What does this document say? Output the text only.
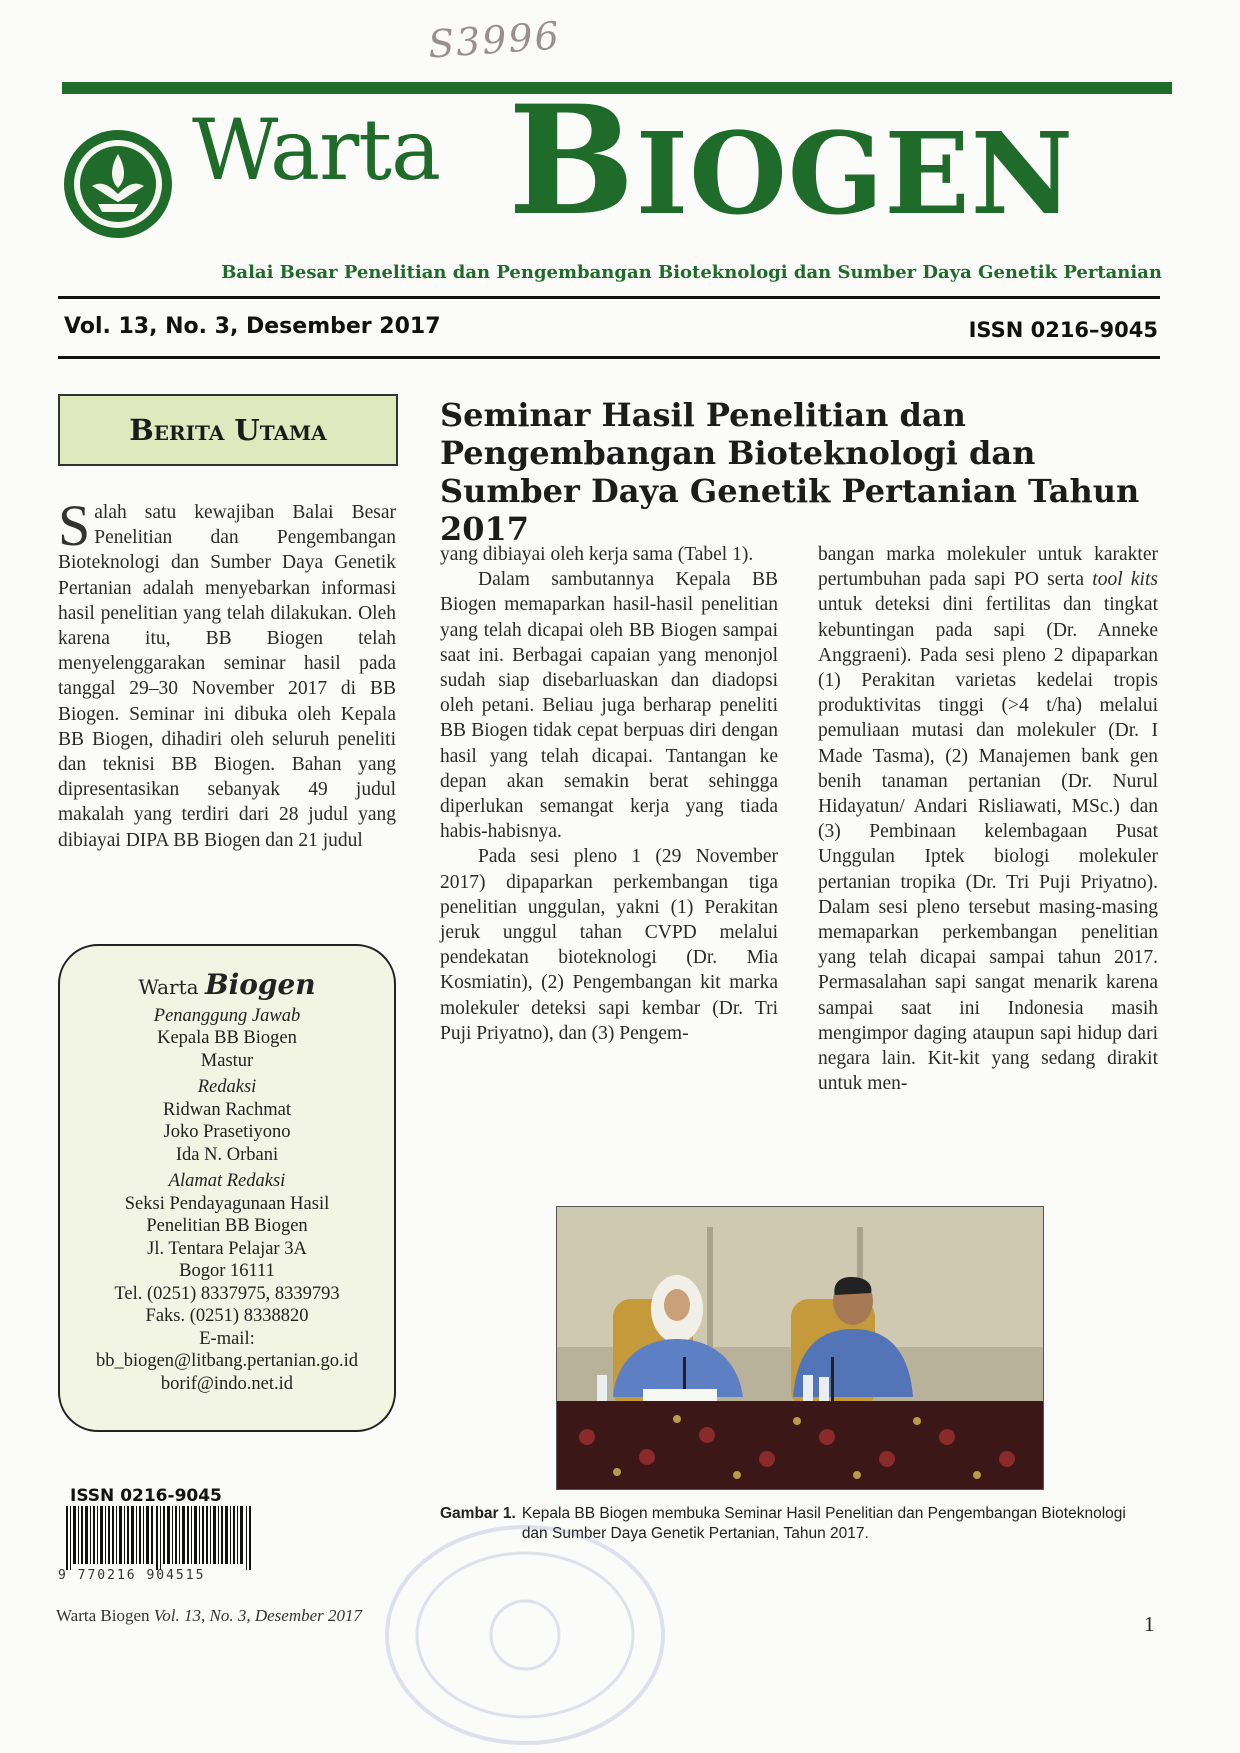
S3996
Warta BIOGEN
Balai Besar Penelitian dan Pengembangan Bioteknologi dan Sumber Daya Genetik Pertanian
Vol. 13, No. 3, Desember 2017	ISSN 0216–9045
Berita Utama	Seminar Hasil Penelitian dan Pengembangan Bioteknologi dan Sumber Daya Genetik Pertanian Tahun 2017
Salah satu kewajiban Balai Besar Penelitian dan Pengembangan Bioteknologi dan Sumber Daya Genetik Pertanian adalah menyebarkan informasi hasil penelitian yang telah dilakukan. Oleh karena itu, BB Biogen telah menyelenggarakan seminar hasil pada tanggal 29–30 November 2017 di BB Biogen. Seminar ini dibuka oleh Kepala BB Biogen, dihadiri oleh seluruh peneliti dan teknisi BB Biogen. Bahan yang dipresentasikan sebanyak 49 judul makalah yang terdiri dari 28 judul yang dibiayai DIPA BB Biogen dan 21 judul

yang dibiayai oleh kerja sama (Tabel 1).

Dalam sambutannya Kepala BB Biogen memaparkan hasil-hasil penelitian yang telah dicapai oleh BB Biogen sampai saat ini. Berbagai capaian yang menonjol sudah siap disebarluaskan dan diadopsi oleh petani. Beliau juga berharap peneliti BB Biogen tidak cepat berpuas diri dengan hasil yang telah dicapai. Tantangan ke depan akan semakin berat sehingga diperlukan semangat kerja yang tiada habis-habisnya.

Pada sesi pleno 1 (29 November 2017) dipaparkan perkembangan tiga penelitian unggulan, yakni (1) Perakitan jeruk unggul tahan CVPD melalui pendekatan bioteknologi (Dr. Mia Kosmiatin), (2) Pengembangan kit marka molekuler deteksi sapi kembar (Dr. Tri Puji Priyatno), dan (3) Pengem-

bangan marka molekuler untuk karakter pertumbuhan pada sapi PO serta tool kits untuk deteksi dini fertilitas dan tingkat kebuntingan pada sapi (Dr. Anneke Anggraeni). Pada sesi pleno 2 dipaparkan (1) Perakitan varietas kedelai tropis produktivitas tinggi (>4 t/ha) melalui pemuliaan mutasi dan molekuler (Dr. I Made Tasma), (2) Manajemen bank gen benih tanaman pertanian (Dr. Nurul Hidayatun/ Andari Risliawati, MSc.) dan (3) Pembinaan kelembagaan Pusat Unggulan Iptek biologi molekuler pertanian tropika (Dr. Tri Puji Priyatno). Dalam sesi pleno tersebut masing-masing memaparkan perkembangan penelitian yang telah dicapai sampai tahun 2017. Permasalahan sapi sangat menarik karena sampai saat ini Indonesia masih mengimpor daging ataupun sapi hidup dari negara lain. Kit-kit yang sedang dirakit untuk men-

Warta Biogen
Penanggung Jawab
Kepala BB Biogen
Mastur
Redaksi
Ridwan Rachmat
Joko Prasetiyono
Ida N. Orbani
Alamat Redaksi
Seksi Pendayagunaan Hasil
Penelitian BB Biogen
Jl. Tentara Pelajar 3A
Bogor 16111
Tel. (0251) 8337975, 8339793
Faks. (0251) 8338820
E-mail:
bb_biogen@litbang.pertanian.go.id
borif@indo.net.id
ISSN 0216-9045
9 770216 904515
Gambar 1. Kepala BB Biogen membuka Seminar Hasil Penelitian dan Pengembangan Bioteknologi dan Sumber Daya Genetik Pertanian, Tahun 2017.
Warta Biogen Vol. 13, No. 3, Desember 2017	1
